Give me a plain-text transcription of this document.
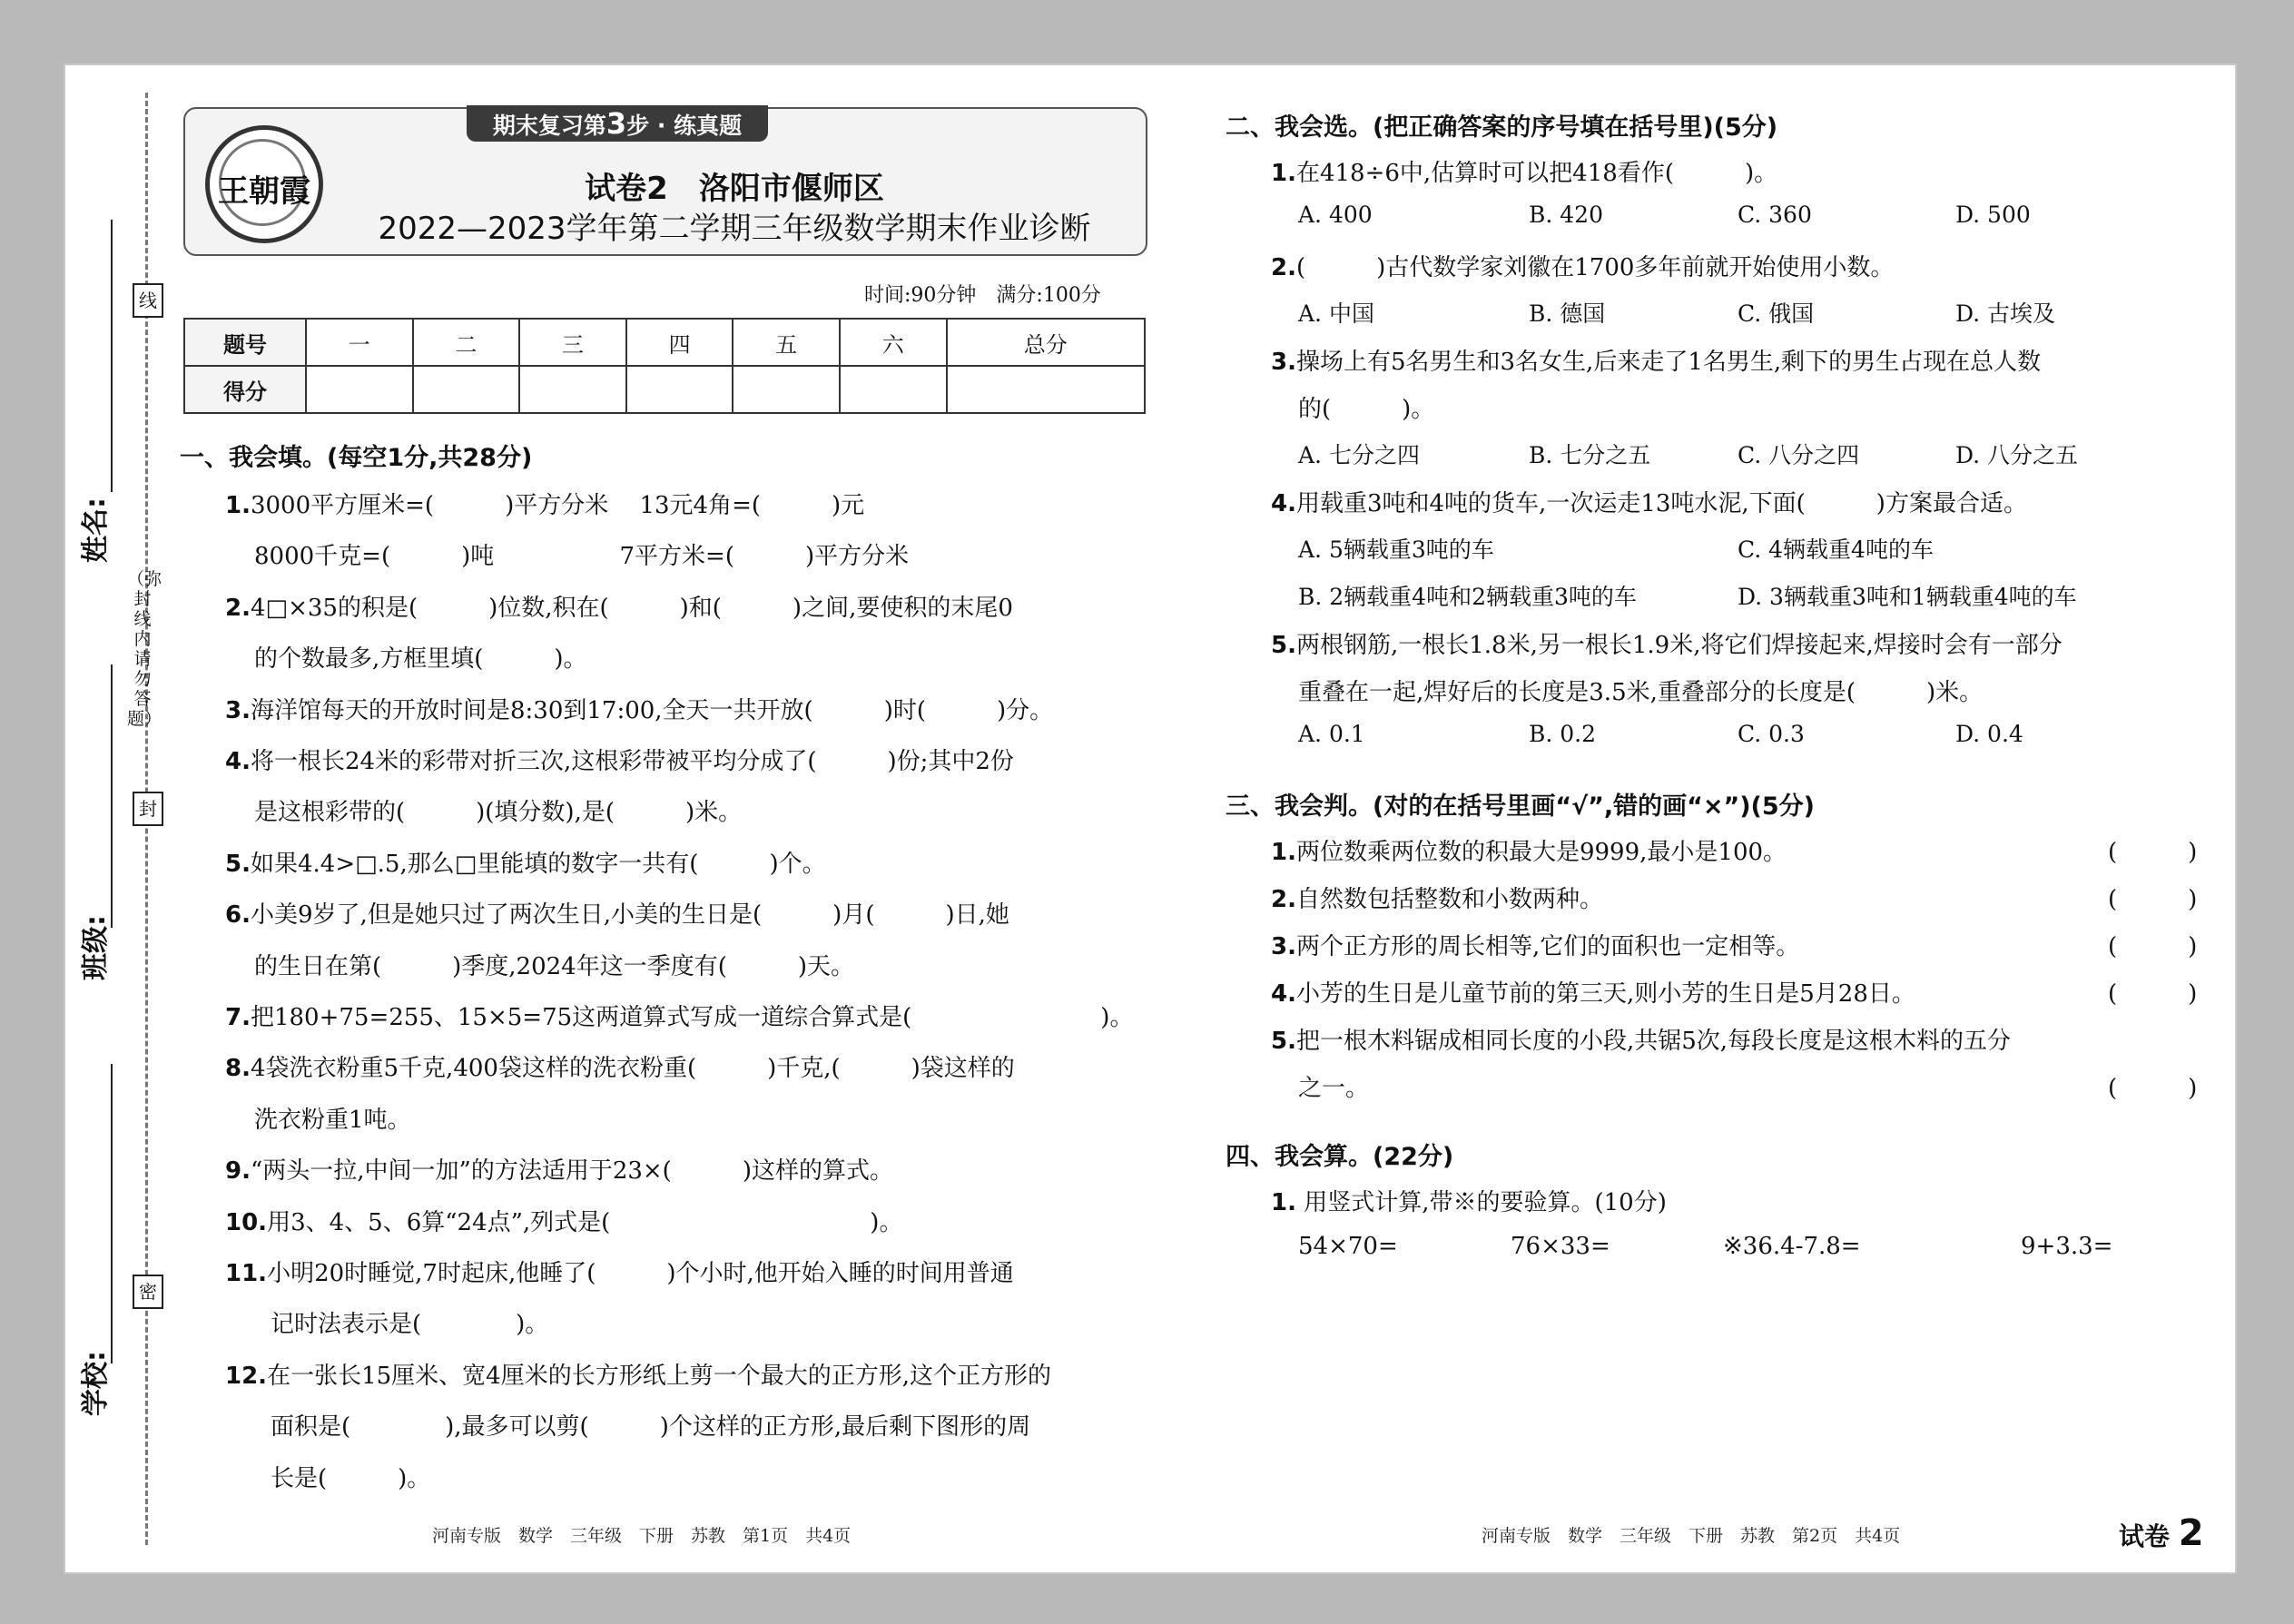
线
（弥封线内请勿答题）
封
密
姓名:
班级:
学校:
期末复习第3步 · 练真题
王朝霞	试卷2　洛阳市偃师区
2022—2023学年第二学期三年级数学期末作业诊断
时间:90分钟　满分:100分
题号	一	二	三	四	五	六	总分
得分							
一、我会填。(每空1分,共28分)
1.3000平方厘米=(　　　)平方分米　 13元4角=(　　　)元
8000千克=(　　　)吨　　　　　 7平方米=(　　　)平方分米
2.4□×35的积是(　　　)位数,积在(　　　)和(　　　)之间,要使积的末尾0
的个数最多,方框里填(　　　)。
3.海洋馆每天的开放时间是8:30到17:00,全天一共开放(　　　)时(　　　)分。
4.将一根长24米的彩带对折三次,这根彩带被平均分成了(　　　)份;其中2份
是这根彩带的(　　　)(填分数),是(　　　)米。
5.如果4.4>□.5,那么□里能填的数字一共有(　　　)个。
6.小美9岁了,但是她只过了两次生日,小美的生日是(　　　)月(　　　)日,她
的生日在第(　　　)季度,2024年这一季度有(　　　)天。
7.把180+75=255、15×5=75这两道算式写成一道综合算式是(　　　　　　　　)。
8.4袋洗衣粉重5千克,400袋这样的洗衣粉重(　　　)千克,(　　　)袋这样的
洗衣粉重1吨。
9.“两头一拉,中间一加”的方法适用于23×(　　　)这样的算式。
10.用3、4、5、6算“24点”,列式是(　　　　　　　　　　　)。
11.小明20时睡觉,7时起床,他睡了(　　　)个小时,他开始入睡的时间用普通
记时法表示是(　　　　)。
12.在一张长15厘米、宽4厘米的长方形纸上剪一个最大的正方形,这个正方形的
面积是(　　　　),最多可以剪(　　　)个这样的正方形,最后剩下图形的周
长是(　　　)。
河南专版　数学　三年级　下册　苏教　第1页　共4页
二、我会选。(把正确答案的序号填在括号里)(5分)
1.在418÷6中,估算时可以把418看作(　　　)。
A. 400	B. 420	C. 360	D. 500
2.(　　　)古代数学家刘徽在1700多年前就开始使用小数。
A. 中国	B. 德国	C. 俄国	D. 古埃及
3.操场上有5名男生和3名女生,后来走了1名男生,剩下的男生占现在总人数
的(　　　)。
A. 七分之四	B. 七分之五	C. 八分之四	D. 八分之五
4.用载重3吨和4吨的货车,一次运走13吨水泥,下面(　　　)方案最合适。
A. 5辆载重3吨的车	C. 4辆载重4吨的车
B. 2辆载重4吨和2辆载重3吨的车	D. 3辆载重3吨和1辆载重4吨的车
5.两根钢筋,一根长1.8米,另一根长1.9米,将它们焊接起来,焊接时会有一部分
重叠在一起,焊好后的长度是3.5米,重叠部分的长度是(　　　)米。
A. 0.1	B. 0.2	C. 0.3	D. 0.4
三、我会判。(对的在括号里画“√”,错的画“×”)(5分)
1.两位数乘两位数的积最大是9999,最小是100。	(　　　)
2.自然数包括整数和小数两种。	(　　　)
3.两个正方形的周长相等,它们的面积也一定相等。	(　　　)
4.小芳的生日是儿童节前的第三天,则小芳的生日是5月28日。	(　　　)
5.把一根木料锯成相同长度的小段,共锯5次,每段长度是这根木料的五分
之一。	(　　　)
四、我会算。(22分)
1. 用竖式计算,带※的要验算。(10分)
54×70=	76×33=	※36.4-7.8=	9+3.3=
河南专版　数学　三年级　下册　苏教　第2页　共4页	试卷 2
